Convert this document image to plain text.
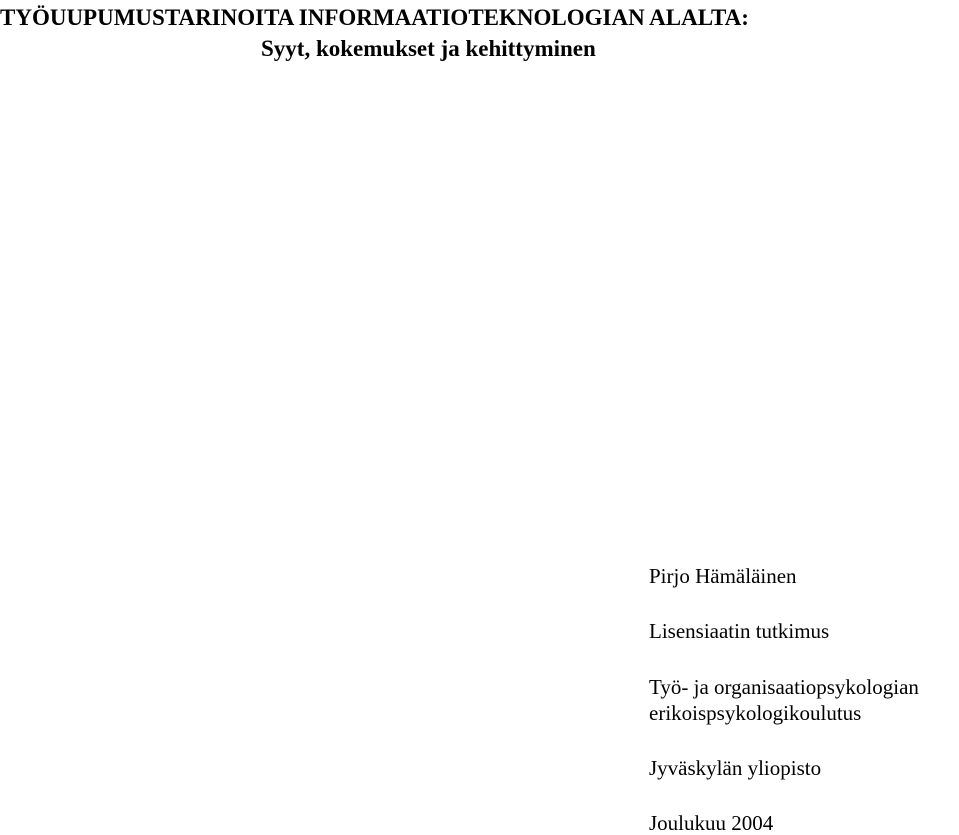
TYÖUUPUMUSTARINOITA INFORMAATIOTEKNOLOGIAN ALALTA:
Syyt, kokemukset ja kehittyminen
Pirjo Hämäläinen
Lisensiaatin tutkimus
Työ- ja organisaatiopsykologian
erikoispsykologikoulutus
Jyväskylän yliopisto
Joulukuu 2004
